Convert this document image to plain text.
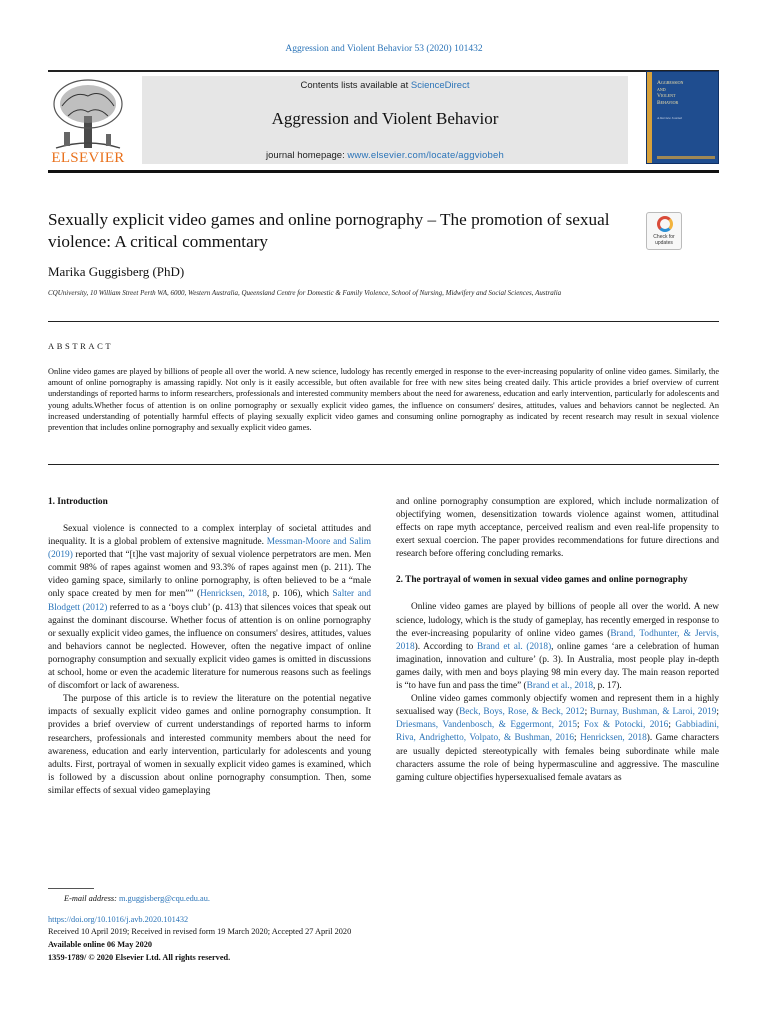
Aggression and Violent Behavior 53 (2020) 101432
ELSEVIER
Contents lists available at ScienceDirect
Aggression and Violent Behavior
journal homepage: www.elsevier.com/locate/aggviobeh
Aggression
and
Violent
Behavior
A Review Journal
Sexually explicit video games and online pornography – The promotion of sexual violence: A critical commentary	Check for
updates
Marika Guggisberg (PhD)
CQUniversity, 10 William Street Perth WA, 6000, Western Australia, Queensland Centre for Domestic & Family Violence, School of Nursing, Midwifery and Social Sciences, Australia
ABSTRACT
Online video games are played by billions of people all over the world. A new science, ludology has recently emerged in response to the ever-increasing popularity of online video games. Similarly, the amount of online pornography is amassing rapidly. Not only is it easily accessible, but often available for free with new sites being created daily. This article provides a brief overview of current understandings of reported harms to inform researchers, professionals and interested community members about the need for awareness, education and early intervention, particularly for adolescents and young adults.Whether focus of attention is on online pornography or sexually explicit video games, the influence on consumers' desires, attitudes, values and behaviors cannot be neglected. An increased understanding of potentially harmful effects of playing sexually explicit video games and consuming online pornography as indicated by recent research may result in sexual violence prevention that includes online pornography and sexually explicit video games.
1. Introduction

Sexual violence is connected to a complex interplay of societal attitudes and inequality. It is a global problem of extensive magnitude. Messman-Moore and Salim (2019) reported that “[t]he vast majority of sexual violence perpetrators are men. Men commit 98% of rapes against women and 93.3% of rapes against men (p. 211). The video gaming space, similarly to online pornography, is often believed to be a “male only space created by men for men”” (Henricksen, 2018, p. 106), which Salter and Blodgett (2012) referred to as a ‘boys club’ (p. 413) that silences voices that speak out against the dominant discourse. Whether focus of attention is on online pornography or sexually explicit video games, the influence on consumers' desires, attitudes, values and behaviors cannot be neglected. However, often the negative impact of online pornography consumption and sexually explicit video games is omitted in discussions at school, home or even the academic literature for numerous reasons such as feelings of discomfort or lack of awareness.

The purpose of this article is to review the literature on the potential negative impacts of sexually explicit video games and online pornography consumption. It provides a brief overview of current understandings of reported harms to inform researchers, professionals and interested community members about the need for awareness, education and early intervention, particularly for adolescents and young adults. First, portrayal of women in sexually explicit video games is examined, which is followed by a discussion about online pornography consumption. Then, some similar effects of sexual video gameplaying

and online pornography consumption are explored, which include normalization of objectifying women, desensitization towards violence against women, attitudinal effects on rape myth acceptance, perceived realism and even real-life propensity to exert sexual coercion. The paper provides recommendations for future directions and research before offering concluding remarks.

2. The portrayal of women in sexual video games and online pornography

Online video games are played by billions of people all over the world. A new science, ludology, which is the study of gameplay, has recently emerged in response to the ever-increasing popularity of online video games (Brand, Todhunter, & Jervis, 2018). According to Brand et al. (2018), online games ‘are a celebration of human imagination, innovation and culture’ (p. 3). In Australia, most people play in-depth games daily, with men and boys playing 98 min every day. The main reason reported is “to have fun and pass the time” (Brand et al., 2018, p. 17).

Online video games commonly objectify women and represent them in a highly sexualised way (Beck, Boys, Rose, & Beck, 2012; Burnay, Bushman, & Laroi, 2019; Driesmans, Vandenbosch, & Eggermont, 2015; Fox & Potocki, 2016; Gabbiadini, Riva, Andrighetto, Volpato, & Bushman, 2016; Henricksen, 2018). Game characters are usually depicted stereotypically with females being subordinate while male characters assume the role of being hypermasculine and aggressive. The masculine gaming culture objectifies hypersexualised female avatars as

E-mail address: m.guggisberg@cqu.edu.au.
https://doi.org/10.1016/j.avb.2020.101432
Received 10 April 2019; Received in revised form 19 March 2020; Accepted 27 April 2020
Available online 06 May 2020
1359-1789/ © 2020 Elsevier Ltd. All rights reserved.
